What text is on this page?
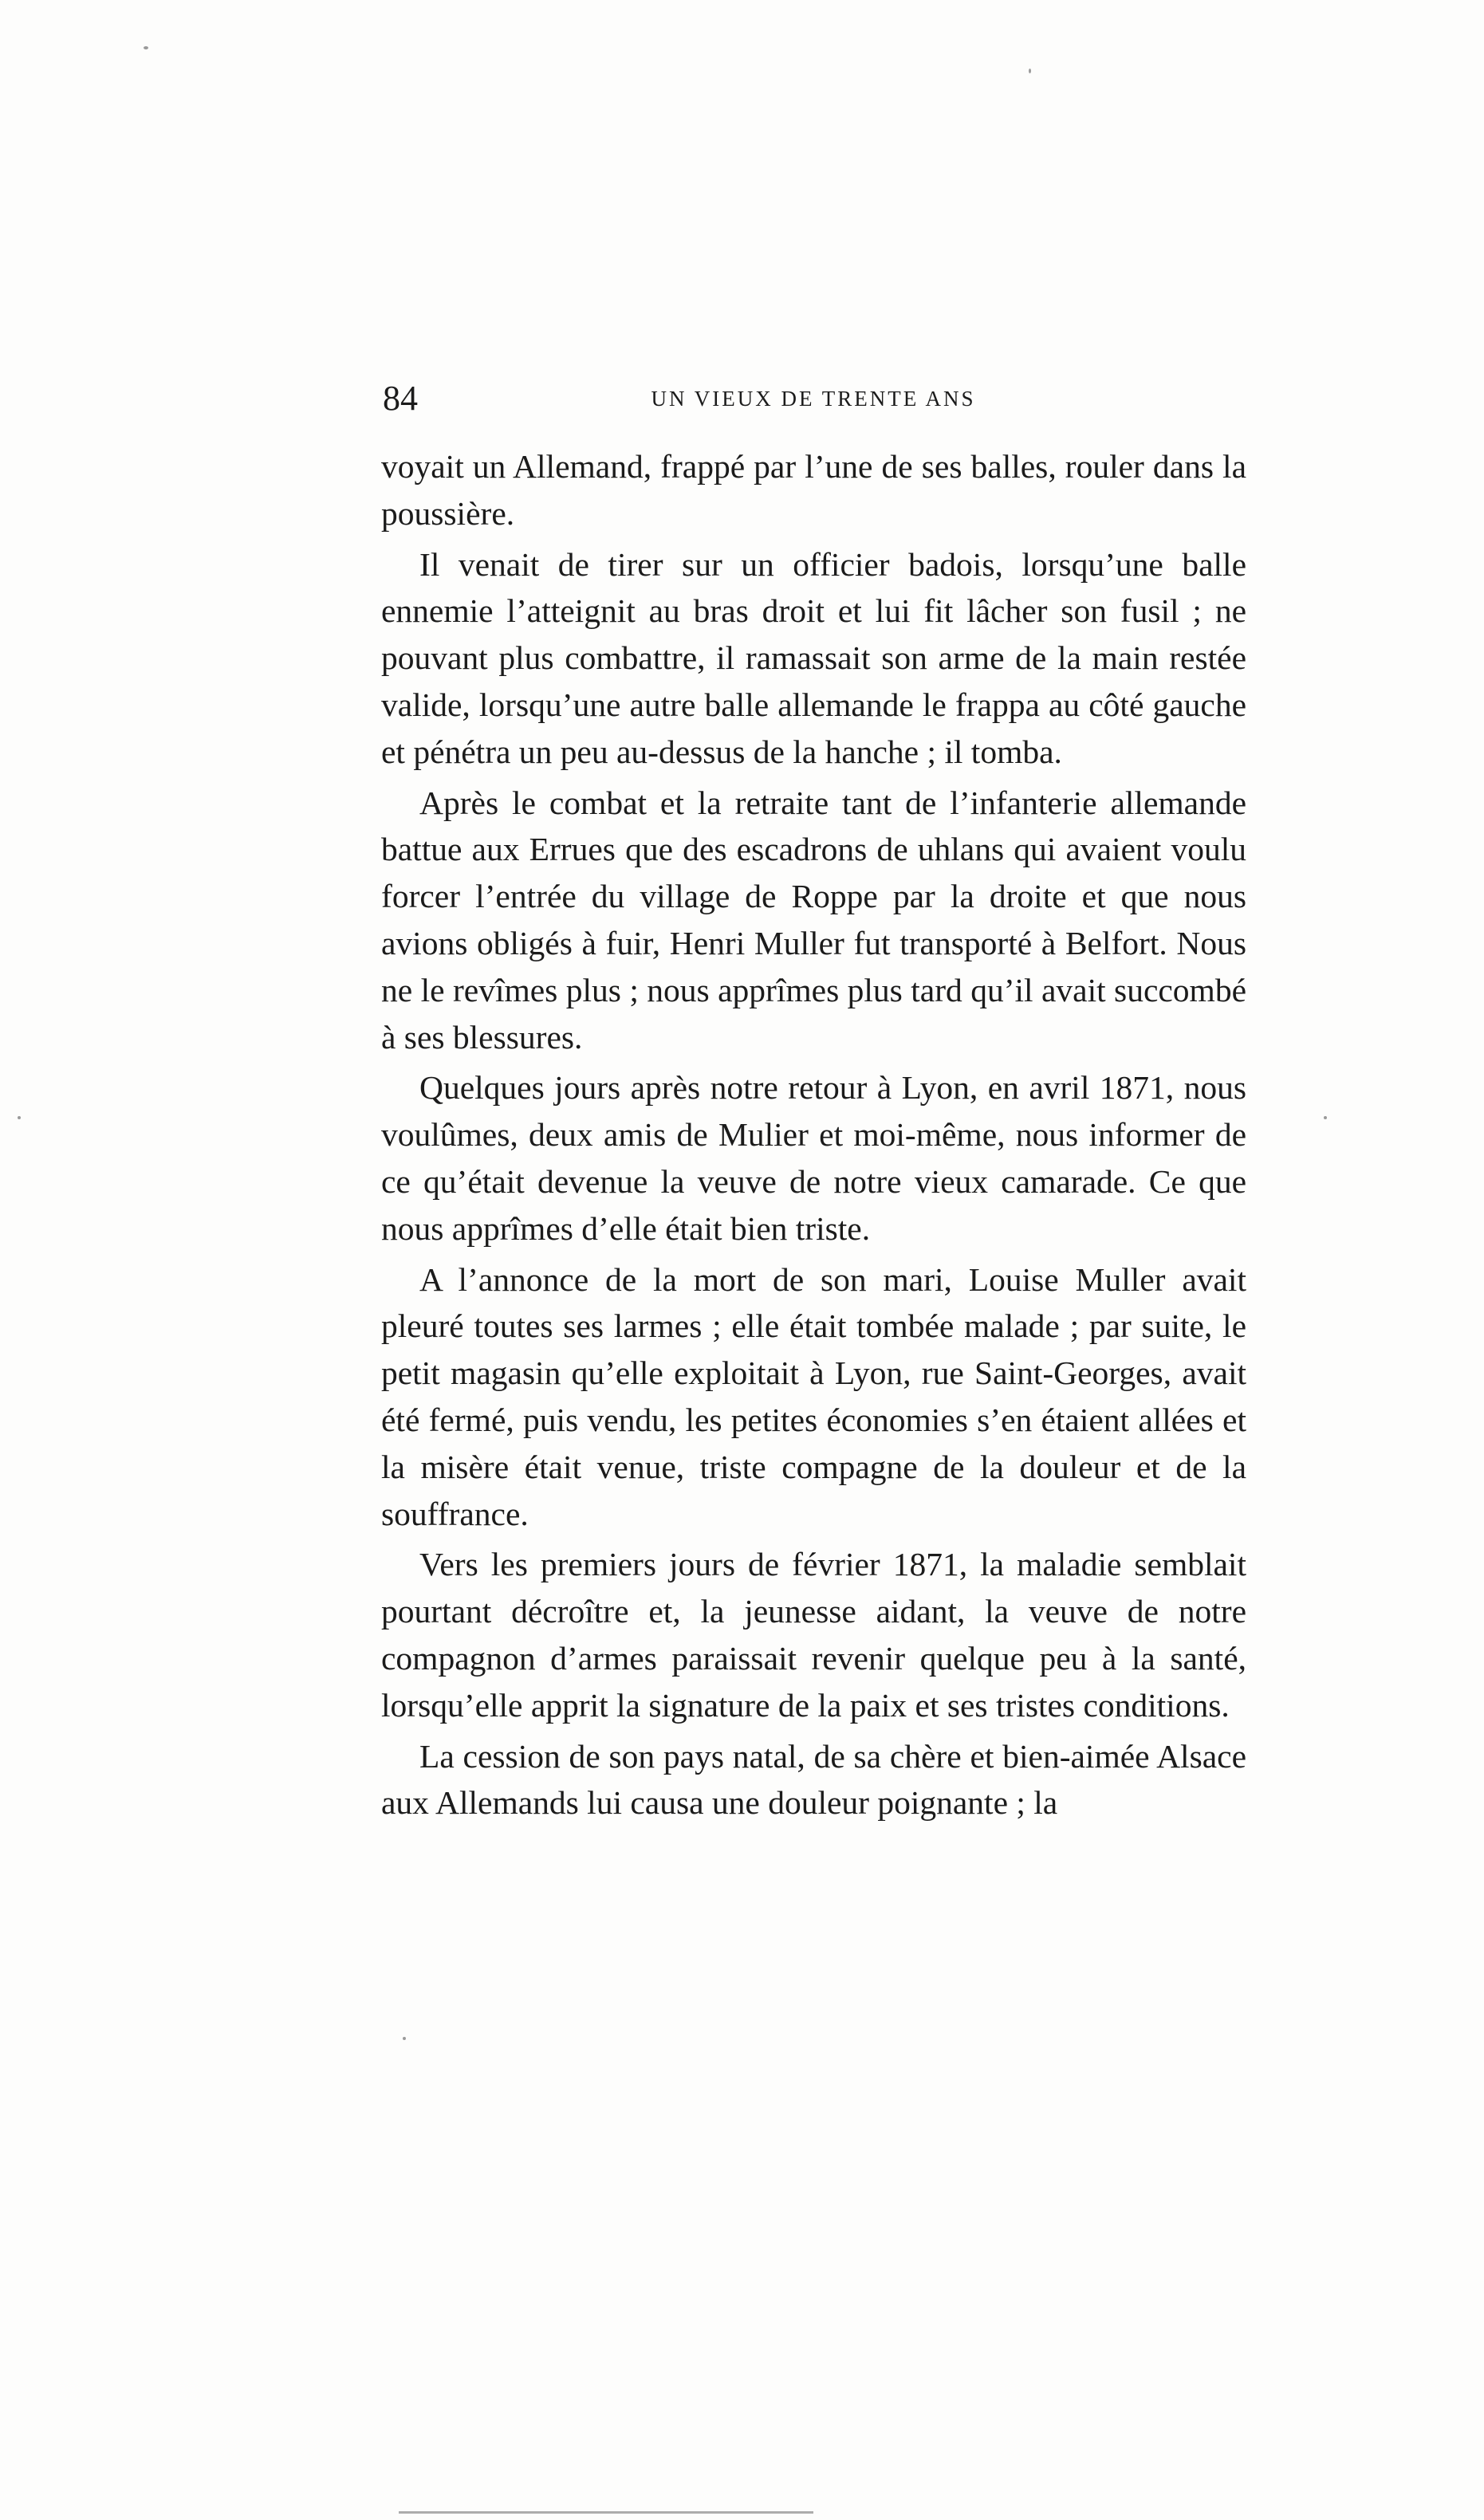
84	UN VIEUX DE TRENTE ANS

voyait un Allemand, frappé par l’une de ses balles, rouler dans la poussière.

Il venait de tirer sur un officier badois, lorsqu’une balle ennemie l’atteignit au bras droit et lui fit lâcher son fusil ; ne pouvant plus combattre, il ramassait son arme de la main restée valide, lorsqu’une autre balle allemande le frappa au côté gauche et pénétra un peu au-dessus de la hanche ; il tomba.

Après le combat et la retraite tant de l’infanterie allemande battue aux Errues que des escadrons de uhlans qui avaient voulu forcer l’entrée du village de Roppe par la droite et que nous avions obligés à fuir, Henri Muller fut transporté à Belfort. Nous ne le revîmes plus ; nous apprîmes plus tard qu’il avait succombé à ses blessures.

Quelques jours après notre retour à Lyon, en avril 1871, nous voulûmes, deux amis de Mulier et moi-même, nous informer de ce qu’était devenue la veuve de notre vieux camarade. Ce que nous apprîmes d’elle était bien triste.

A l’annonce de la mort de son mari, Louise Muller avait pleuré toutes ses larmes ; elle était tombée malade ; par suite, le petit magasin qu’elle exploitait à Lyon, rue Saint-Georges, avait été fermé, puis vendu, les petites économies s’en étaient allées et la misère était venue, triste compagne de la douleur et de la souffrance.

Vers les premiers jours de février 1871, la maladie semblait pourtant décroître et, la jeunesse aidant, la veuve de notre compagnon d’armes paraissait revenir quelque peu à la santé, lorsqu’elle apprit la signature de la paix et ses tristes conditions.

La cession de son pays natal, de sa chère et bien-aimée Alsace aux Allemands lui causa une douleur poignante ; la
